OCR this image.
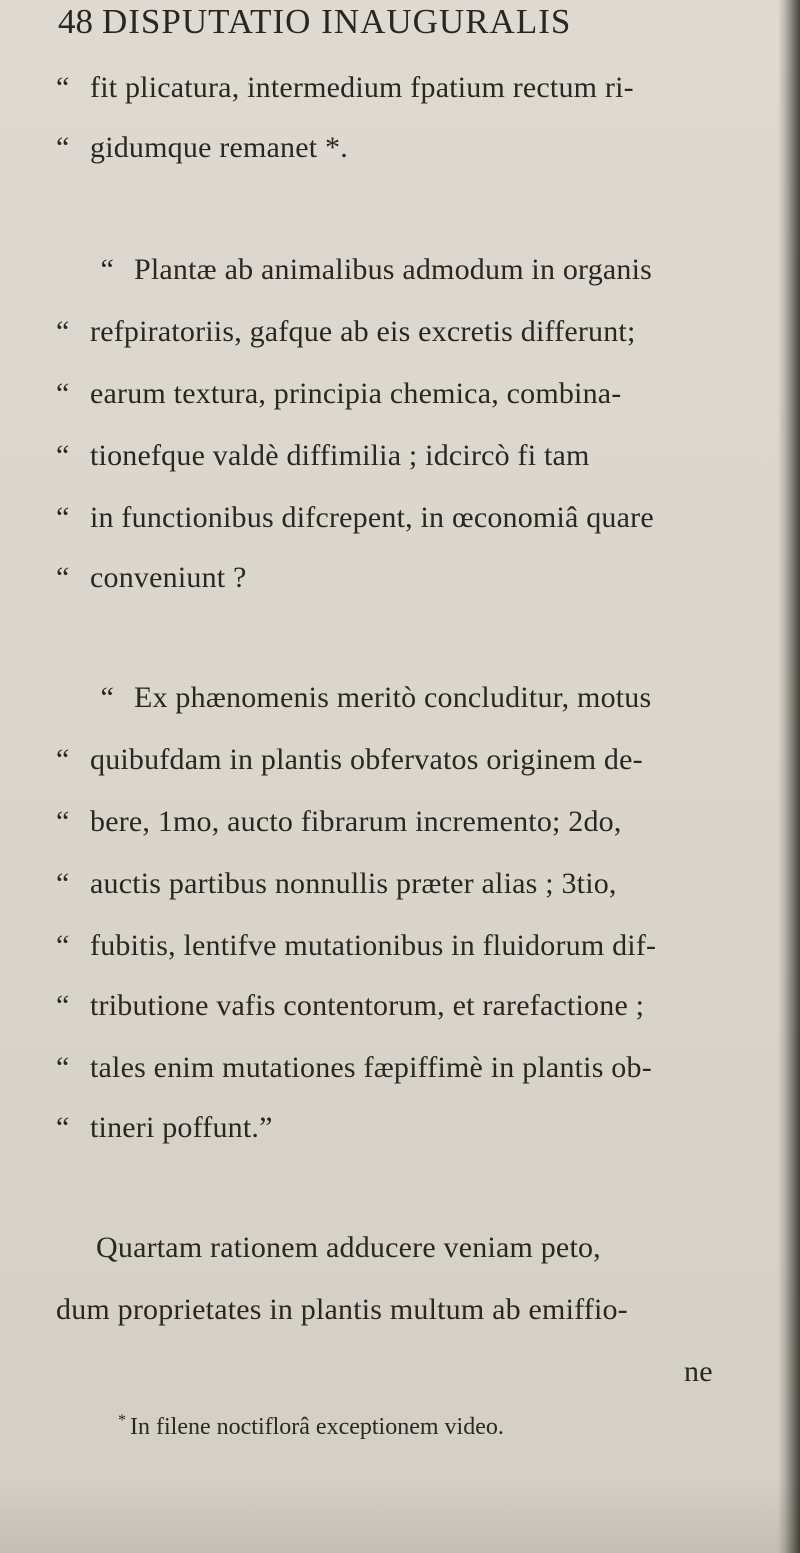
48 DISPUTATIO INAUGURALIS
“ fit plicatura, intermedium fpatium rectum ri-
“ gidumque remanet *.
“ Plantæ ab animalibus admodum in organis
“ refpiratoriis, gafque ab eis excretis differunt;
“ earum textura, principia chemica, combina-
“ tionefque valdè diffimilia ; idcircò fi tam
“ in functionibus difcrepent, in œconomiâ quare
“ conveniunt ?
“ Ex phænomenis meritò concluditur, motus
“ quibufdam in plantis obfervatos originem de-
“ bere, 1mo, aucto fibrarum incremento; 2do,
“ auctis partibus nonnullis præter alias ; 3tio,
“ fubitis, lentifve mutationibus in fluidorum dif-
“ tributione vafis contentorum, et rarefactione ;
“ tales enim mutationes fæpiffimè in plantis ob-
“ tineri poffunt.”
Quartam rationem adducere veniam peto,
dum proprietates in plantis multum ab emiffio-
ne
* In filene noctiflorâ exceptionem video.
